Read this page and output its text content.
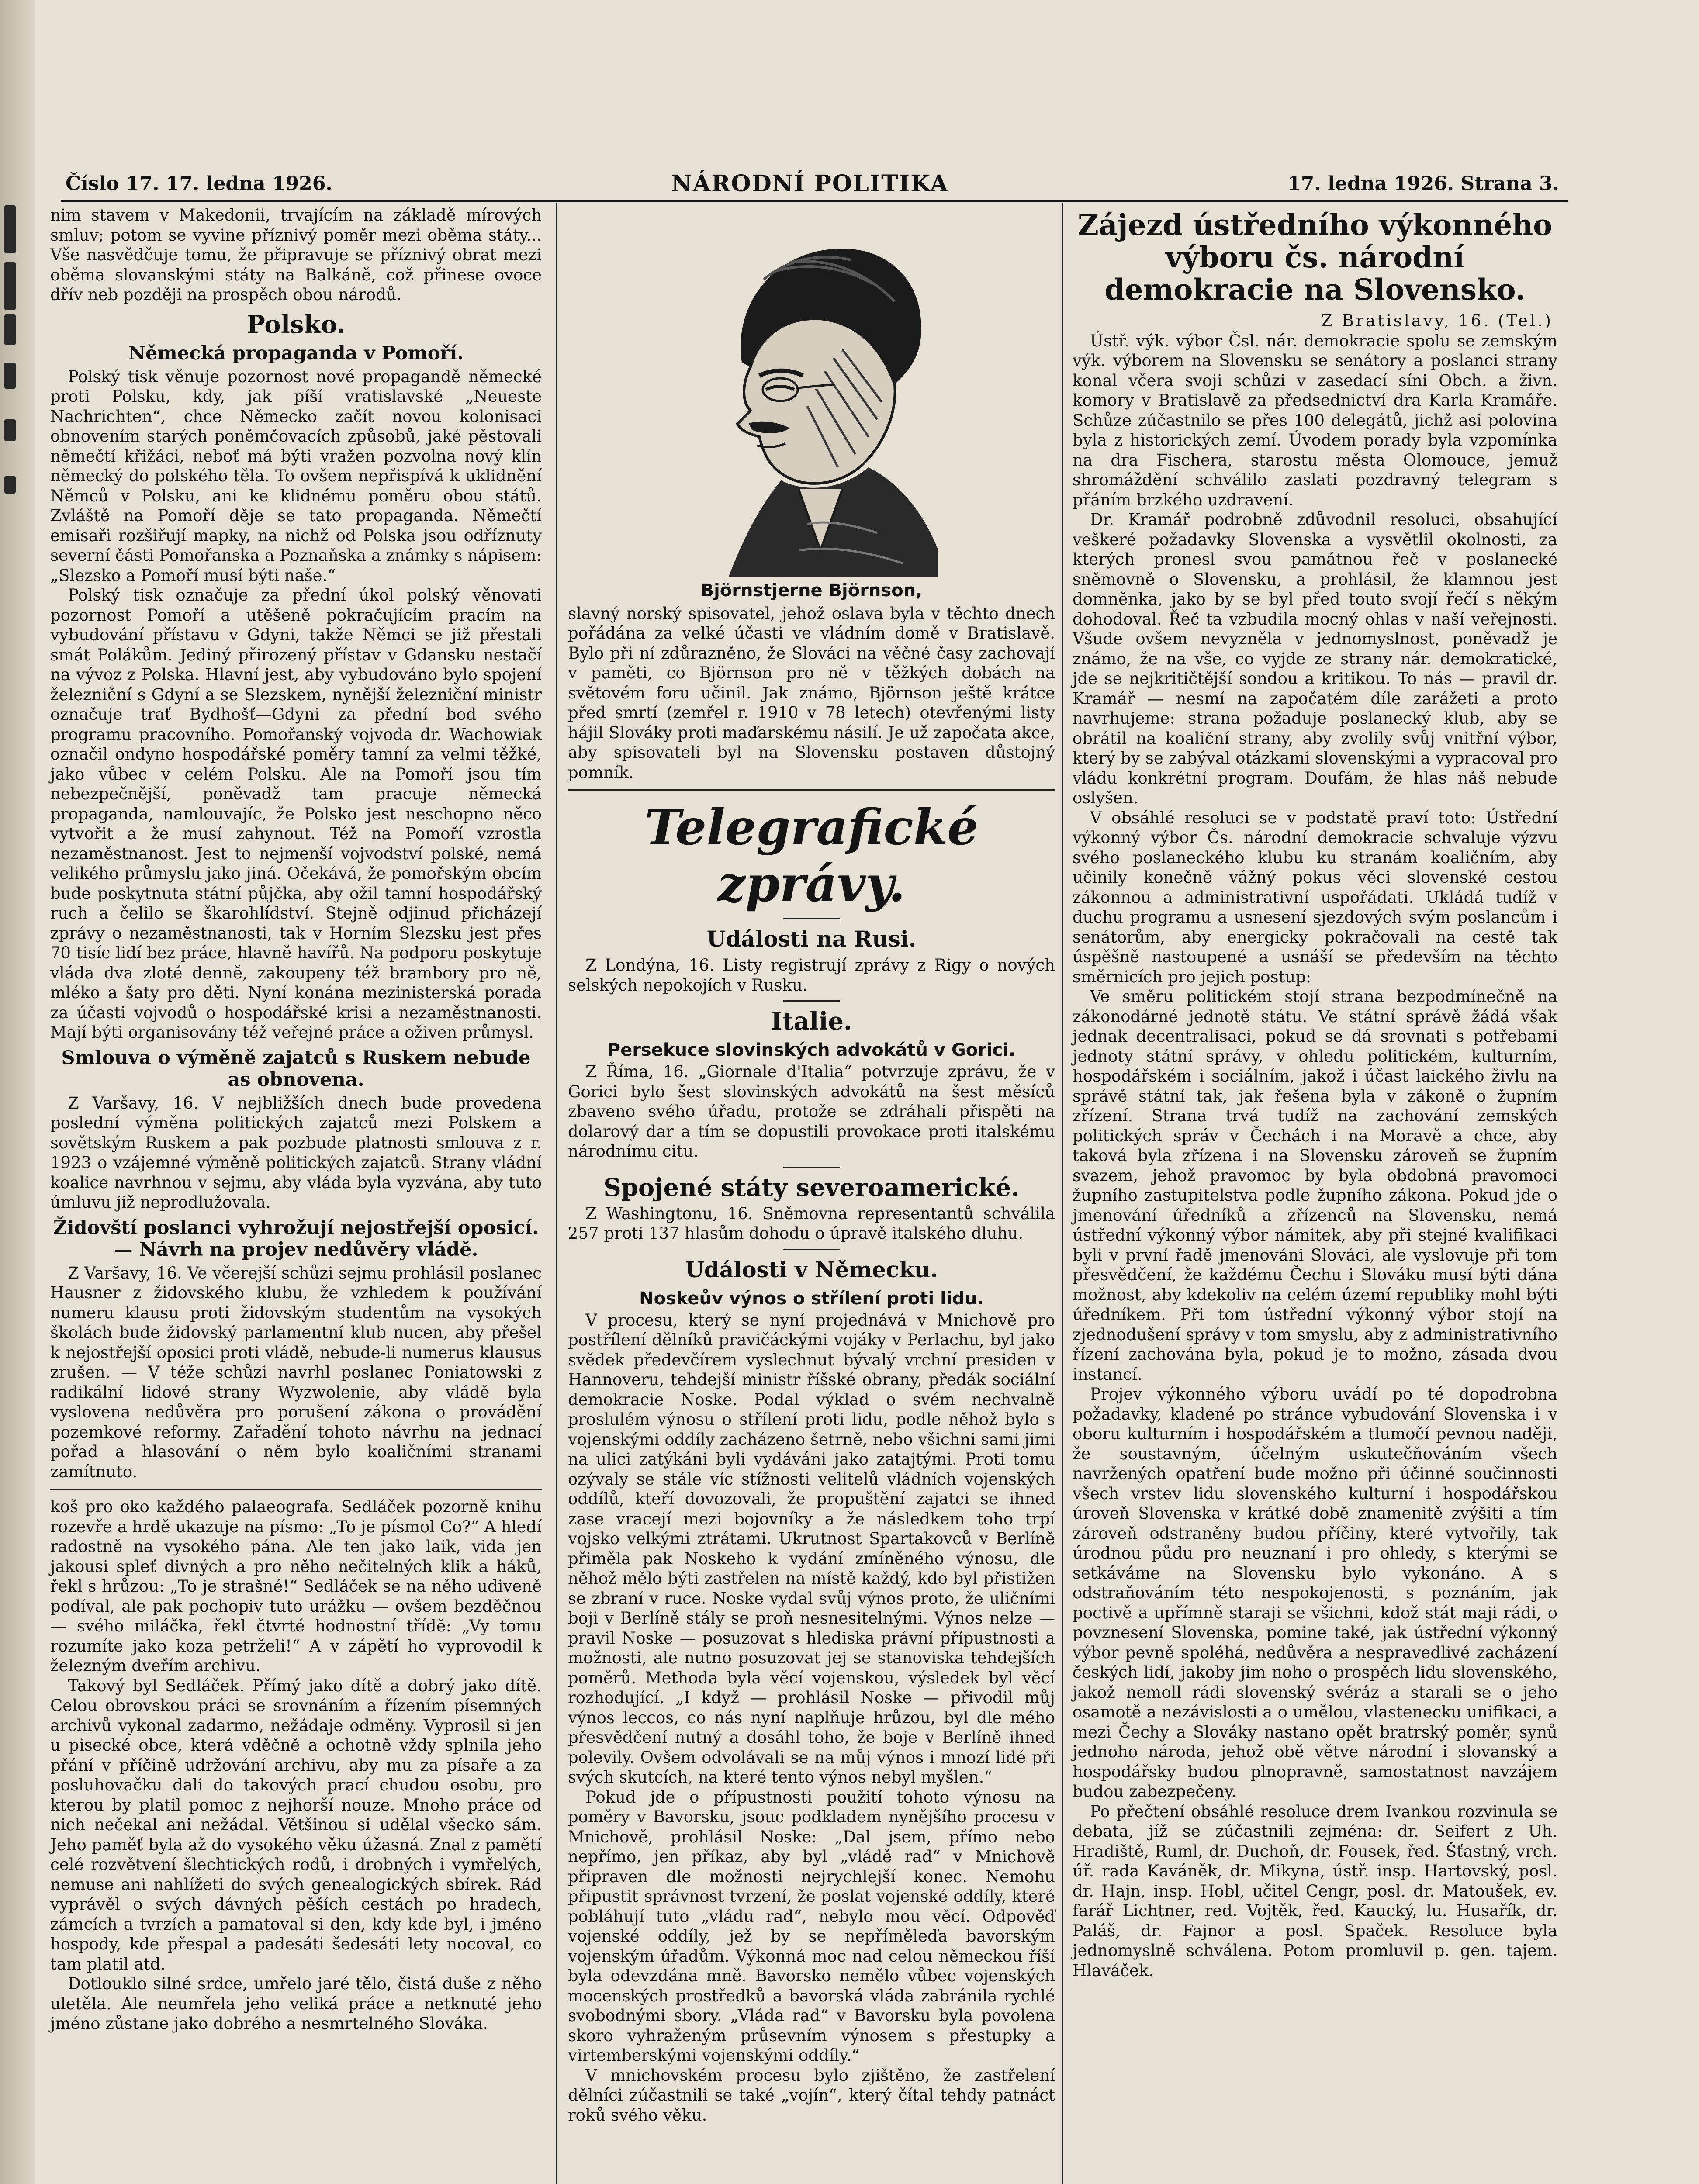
Číslo 17. 17. ledna 1926.	NÁRODNÍ POLITIKA	17. ledna 1926. Strana 3.

nim stavem v Makedonii, trvajícím na základě mírových smluv; potom se vyvine příznivý poměr mezi oběma státy... Vše nasvědčuje tomu, že připravuje se příznivý obrat mezi oběma slovanskými státy na Balkáně, což přinese ovoce dřív neb později na prospěch obou národů.

Polsko.
Německá propaganda v Pomoří.

Polský tisk věnuje pozornost nové propagandě německé proti Polsku, kdy, jak píší vratislavské „Neueste Nachrichten“, chce Německo začít novou kolonisaci obnovením starých poněmčovacích způsobů, jaké pěstovali němečtí křižáci, neboť má býti vražen pozvolna nový klín německý do polského těla. To ovšem nepřispívá k uklidnění Němců v Polsku, ani ke klidnému poměru obou států. Zvláště na Pomoří děje se tato propaganda. Němečtí emisaři rozšiřují mapky, na nichž od Polska jsou odříznuty severní části Pomořanska a Poznaňska a známky s nápisem: „Slezsko a Pomoří musí býti naše.“

Polský tisk označuje za přední úkol polský věnovati pozornost Pomoří a utěšeně pokračujícím pracím na vybudování přístavu v Gdyni, takže Němci se již přestali smát Polákům. Jediný přirozený přístav v Gdansku nestačí na vývoz z Polska. Hlavní jest, aby vybudováno bylo spojení železniční s Gdyní a se Slezskem, nynější železniční ministr označuje trať Bydhošť—Gdyni za přední bod svého programu pracovního. Pomořanský vojvoda dr. Wachowiak označil ondyno hospodářské poměry tamní za velmi těžké, jako vůbec v celém Polsku. Ale na Pomoří jsou tím nebezpečnější, poněvadž tam pracuje německá propaganda, namlouvajíc, že Polsko jest neschopno něco vytvořit a že musí zahynout. Též na Pomoří vzrostla nezaměstnanost. Jest to nejmenší vojvodství polské, nemá velikého průmyslu jako jiná. Očekává, že pomořským obcím bude poskytnuta státní půjčka, aby ožil tamní hospodářský ruch a čelilo se škarohlídství. Stejně odjinud přicházejí zprávy o nezaměstnanosti, tak v Horním Slezsku jest přes 70 tisíc lidí bez práce, hlavně havířů. Na podporu poskytuje vláda dva zloté denně, zakoupeny též brambory pro ně, mléko a šaty pro děti. Nyní konána mezinisterská porada za účasti vojvodů o hospodářské krisi a nezaměstnanosti. Mají býti organisovány též veřejné práce a oživen průmysl.

Smlouva o výměně zajatců s Ruskem nebude as obnovena.

Z Varšavy, 16. V nejbližších dnech bude provedena poslední výměna politických zajatců mezi Polskem a sovětským Ruskem a pak pozbude platnosti smlouva z r. 1923 o vzájemné výměně politických zajatců. Strany vládní koalice navrhnou v sejmu, aby vláda byla vyzvána, aby tuto úmluvu již neprodlužovala.

Židovští poslanci vyhrožují nejostřejší oposicí. — Návrh na projev nedůvěry vládě.

Z Varšavy, 16. Ve včerejší schůzi sejmu prohlásil poslanec Hausner z židovského klubu, že vzhledem k používání numeru klausu proti židovským studentům na vysokých školách bude židovský parlamentní klub nucen, aby přešel k nejostřejší oposici proti vládě, nebude-li numerus klausus zrušen. — V téže schůzi navrhl poslanec Poniatowski z radikální lidové strany Wyzwolenie, aby vládě byla vyslovena nedůvěra pro porušení zákona o provádění pozemkové reformy. Zařadění tohoto návrhu na jednací pořad a hlasování o něm bylo koaličními stranami zamítnuto.

koš pro oko každého palaeografa. Sedláček pozorně knihu rozevře a hrdě ukazuje na písmo: „To je písmol Co?“ A hledí radostně na vysokého pána. Ale ten jako laik, vida jen jakousi spleť divných a pro něho nečitelných klik a háků, řekl s hrůzou: „To je strašné!“ Sedláček se na něho udiveně podíval, ale pak pochopiv tuto urážku — ovšem bezděčnou — svého miláčka, řekl čtvrté hodnostní třídě: „Vy tomu rozumíte jako koza petrželi!“ A v zápětí ho vyprovodil k železným dveřím archivu.

Takový byl Sedláček. Přímý jako dítě a dobrý jako dítě. Celou obrovskou práci se srovnáním a řízením písemných archivů vykonal zadarmo, nežádaje odměny. Vyprosil si jen u pisecké obce, která vděčně a ochotně vždy splnila jeho přání v příčině udržování archivu, aby mu za písaře a za posluhovačku dali do takových prací chudou osobu, pro kterou by platil pomoc z nejhorší nouze. Mnoho práce od nich nečekal ani nežádal. Většinou si udělal všecko sám. Jeho paměť byla až do vysokého věku úžasná. Znal z pamětí celé rozvětvení šlechtických rodů, i drobných i vymřelých, nemuse ani nahlížeti do svých genealogických sbírek. Rád vyprávěl o svých dávných pěších cestách po hradech, zámcích a tvrzích a pamatoval si den, kdy kde byl, i jméno hospody, kde přespal a padesáti šedesáti lety nocoval, co tam platil atd.

Dotlouklo silné srdce, umřelo jaré tělo, čistá duše z něho uletěla. Ale neumřela jeho veliká práce a netknuté jeho jméno zůstane jako dobrého a nesmrtelného Slováka.

Björnstjerne Björnson,

slavný norský spisovatel, jehož oslava byla v těchto dnech pořádána za velké účasti ve vládním domě v Bratislavě. Bylo při ní zdůrazněno, že Slováci na věčné časy zachovají v paměti, co Björnson pro ně v těžkých dobách na světovém foru učinil. Jak známo, Björnson ještě krátce před smrtí (zemřel r. 1910 v 78 letech) otevřenými listy hájil Slováky proti maďarskému násilí. Je už započata akce, aby spisovateli byl na Slovensku postaven důstojný pomník.

Telegrafické zprávy.
Události na Rusi.

Z Londýna, 16. Listy registrují zprávy z Rigy o nových selských nepokojích v Rusku.

Italie.
Persekuce slovinských advokátů v Gorici.

Z Říma, 16. „Giornale d'Italia“ potvrzuje zprávu, že v Gorici bylo šest slovinských advokátů na šest měsíců zbaveno svého úřadu, protože se zdráhali přispěti na dolarový dar a tím se dopustili provokace proti italskému národnímu citu.

Spojené státy severoamerické.

Z Washingtonu, 16. Sněmovna representantů schválila 257 proti 137 hlasům dohodu o úpravě italského dluhu.

Události v Německu.
Noskeův výnos o střílení proti lidu.

V procesu, který se nyní projednává v Mnichově pro postřílení dělníků pravičáckými vojáky v Perlachu, byl jako svědek předevčírem vyslechnut bývalý vrchní presiden v Hannoveru, tehdejší ministr říšské obrany, předák sociální demokracie Noske. Podal výklad o svém nechvalně proslulém výnosu o střílení proti lidu, podle něhož bylo s vojenskými oddíly zacházeno šetrně, nebo všichni sami jimi na ulici zatýkáni byli vydáváni jako zatajtými. Proti tomu ozývaly se stále víc stížnosti velitelů vládních vojenských oddílů, kteří dovozovali, že propuštění zajatci se ihned zase vracejí mezi bojovníky a že následkem toho trpí vojsko velkými ztrátami. Ukrutnost Spartakovců v Berlíně přiměla pak Noskeho k vydání zmíněného výnosu, dle něhož mělo býti zastřelen na místě každý, kdo byl přistižen se zbraní v ruce. Noske vydal svůj výnos proto, že uličními boji v Berlíně stály se proň nesnesitelnými. Výnos nelze — pravil Noske — posuzovat s hlediska právní přípustnosti a možnosti, ale nutno posuzovat jej se stanoviska tehdejších poměrů. Methoda byla věcí vojenskou, výsledek byl věcí rozhodující. „I když — prohlásil Noske — přivodil můj výnos leccos, co nás nyní naplňuje hrůzou, byl dle mého přesvědčení nutný a dosáhl toho, že boje v Berlíně ihned polevily. Ovšem odvolávali se na můj výnos i mnozí lidé při svých skutcích, na které tento výnos nebyl myšlen.“

Pokud jde o přípustnosti použití tohoto výnosu na poměry v Bavorsku, jsouc podkladem nynějšího procesu v Mnichově, prohlásil Noske: „Dal jsem, přímo nebo nepřímo, jen příkaz, aby byl „vládě rad“ v Mnichově připraven dle možnosti nejrychlejší konec. Nemohu připustit správnost tvrzení, že poslat vojenské oddíly, které pobláhují tuto „vládu rad“, nebylo mou věcí. Odpověď vojenské oddíly, jež by se nepříměleďa bavorským vojenským úřadům. Výkonná moc nad celou německou říší byla odevzdána mně. Bavorsko nemělo vůbec vojenských mocenských prostředků a bavorská vláda zabránila rychlé svobodnými sbory. „Vláda rad“ v Bavorsku byla povolena skoro vyhraženým průsevním výnosem s přestupky a virtemberskými vojenskými oddíly.“

V mnichovském procesu bylo zjištěno, že zastřelení dělníci zúčastnili se také „vojín“, který čítal tehdy patnáct roků svého věku.

Zájezd ústředního výkonného výboru čs. národní demokracie na Slovensko.

Z Bratislavy, 16. (Tel.)

Ústř. výk. výbor Čsl. nár. demokracie spolu se zemským výk. výborem na Slovensku se senátory a poslanci strany konal včera svoji schůzi v zasedací síni Obch. a živn. komory v Bratislavě za předsednictví dra Karla Kramáře. Schůze zúčastnilo se přes 100 delegátů, jichž asi polovina byla z historických zemí. Úvodem porady byla vzpomínka na dra Fischera, starostu města Olomouce, jemuž shromáždění schválilo zaslati pozdravný telegram s přáním brzkého uzdravení.

Dr. Kramář podrobně zdůvodnil resoluci, obsahující veškeré požadavky Slovenska a vysvětlil okolnosti, za kterých pronesl svou památnou řeč v poslanecké sněmovně o Slovensku, a prohlásil, že klamnou jest domněnka, jako by se byl před touto svojí řečí s někým dohodoval. Řeč ta vzbudila mocný ohlas v naší veřejnosti. Všude ovšem nevyzněla v jednomyslnost, poněvadž je známo, že na vše, co vyjde ze strany nár. demokratické, jde se nejkritičtější sondou a kritikou. To nás — pravil dr. Kramář — nesmí na započatém díle zarážeti a proto navrhujeme: strana požaduje poslanecký klub, aby se obrátil na koaliční strany, aby zvolily svůj vnitřní výbor, který by se zabýval otázkami slovenskými a vypracoval pro vládu konkrétní program. Doufám, že hlas náš nebude oslyšen.

V obsáhlé resoluci se v podstatě praví toto: Ústřední výkonný výbor Čs. národní demokracie schvaluje výzvu svého poslaneckého klubu ku stranám koaličním, aby učinily konečně vážný pokus věci slovenské cestou zákonnou a administrativní uspořádati. Ukládá tudíž v duchu programu a usnesení sjezdových svým poslancům i senátorům, aby energicky pokračovali na cestě tak úspěšně nastoupené a usnáší se především na těchto směrnicích pro jejich postup:

Ve směru politickém stojí strana bezpodmínečně na zákonodárné jednotě státu. Ve státní správě žádá však jednak decentralisaci, pokud se dá srovnati s potřebami jednoty státní správy, v ohledu politickém, kulturním, hospodářském i sociálním, jakož i účast laického živlu na správě státní tak, jak řešena byla v zákoně o župním zřízení. Strana trvá tudíž na zachování zemských politických správ v Čechách i na Moravě a chce, aby taková byla zřízena i na Slovensku zároveň se župním svazem, jehož pravomoc by byla obdobná pravomoci župního zastupitelstva podle župního zákona. Pokud jde o jmenování úředníků a zřízenců na Slovensku, nemá ústřední výkonný výbor námitek, aby při stejné kvalifikaci byli v první řadě jmenováni Slováci, ale vyslovuje při tom přesvědčení, že každému Čechu i Slováku musí býti dána možnost, aby kdekoliv na celém území republiky mohl býti úředníkem. Při tom ústřední výkonný výbor stojí na zjednodušení správy v tom smyslu, aby z administrativního řízení zachována byla, pokud je to možno, zásada dvou instancí.

Projev výkonného výboru uvádí po té dopodrobna požadavky, kladené po stránce vybudování Slovenska i v oboru kulturním i hospodářském a tlumočí pevnou naději, že soustavným, účelným uskutečňováním všech navržených opatření bude možno při účinné součinnosti všech vrstev lidu slovenského kulturní i hospodářskou úroveň Slovenska v krátké době znamenitě zvýšiti a tím zároveň odstraněny budou příčiny, které vytvořily, tak úrodnou půdu pro neuznaní i pro ohledy, s kterými se setkáváme na Slovensku bylo vykonáno. A s odstraňováním této nespokojenosti, s poznáním, jak poctivě a upřímně staraji se všichni, kdož stát maji rádi, o povznesení Slovenska, pomine také, jak ústřední výkonný výbor pevně spoléhá, nedůvěra a nespravedlivé zacházení českých lidí, jakoby jim noho o prospěch lidu slovenského, jakož nemoll rádi slovenský svéráz a starali se o jeho osamotě a nezávislosti a o umělou, vlastenecku unifikaci, a mezi Čechy a Slováky nastano opět bratrský poměr, synů jednoho národa, jehož obě větve národní i slovanský a hospodářsky budou plnopravně, samostatnost navzájem budou zabezpečeny.

Po přečtení obsáhlé resoluce drem Ivankou rozvinula se debata, jíž se zúčastnili zejména: dr. Seifert z Uh. Hradiště, Ruml, dr. Duchoň, dr. Fousek, řed. Šťastný, vrch. úř. rada Kaváněk, dr. Mikyna, ústř. insp. Hartovský, posl. dr. Hajn, insp. Hobl, učitel Cengr, posl. dr. Matoušek, ev. farář Lichtner, red. Vojtěk, řed. Kaucký, lu. Husařík, dr. Paláš, dr. Fajnor a posl. Spaček. Resoluce byla jednomyslně schválena. Potom promluvil p. gen. tajem. Hlaváček.
